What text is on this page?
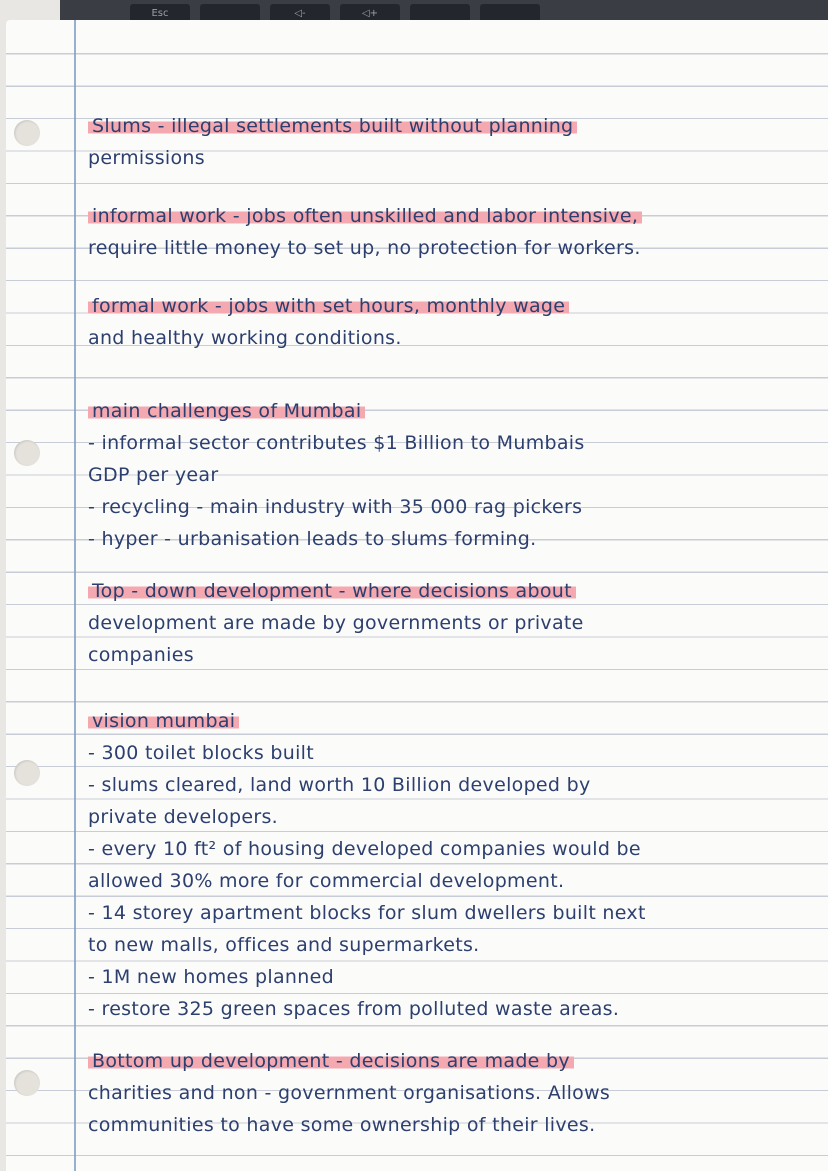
Esc	◁-	◁+
Slums - illegal settlements built without planning
permissions
informal work - jobs often unskilled and labor intensive,
require little money to set up, no protection for workers.
formal work - jobs with set hours, monthly wage
and healthy working conditions.
main challenges of Mumbai
- informal sector contributes $1 Billion to Mumbais
GDP per year
- recycling - main industry with 35 000 rag pickers
- hyper - urbanisation leads to slums forming.
Top - down development - where decisions about
development are made by governments or private
companies
vision mumbai
- 300 toilet blocks built
- slums cleared, land worth 10 Billion developed by
private developers.
- every 10 ft² of housing developed companies would be
allowed 30% more for commercial development.
- 14 storey apartment blocks for slum dwellers built next
to new malls, offices and supermarkets.
- 1M new homes planned
- restore 325 green spaces from polluted waste areas.
Bottom up development - decisions are made by
charities and non - government organisations. Allows
communities to have some ownership of their lives.
